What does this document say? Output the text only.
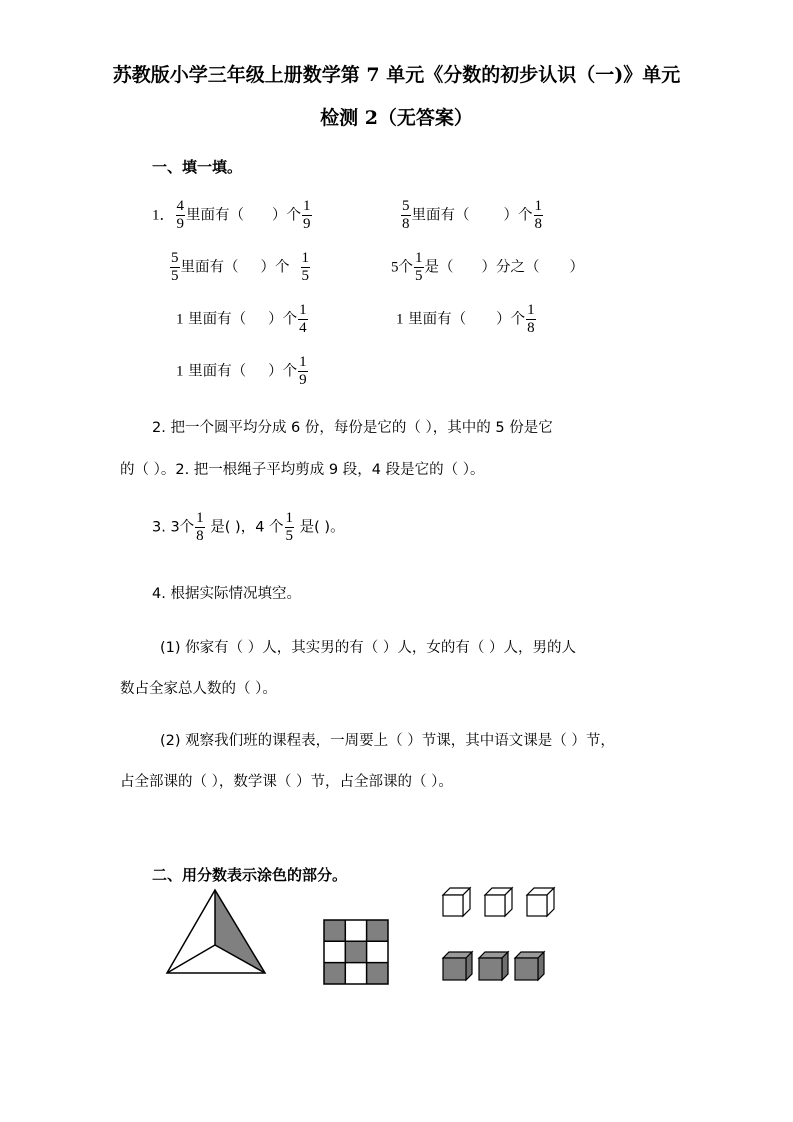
苏教版小学三年级上册数学第 7 单元《分数的初步认识（一)》单元
检测 2（无答案）
一、填一填。
1． $\frac{4}{9}$ 里面有（ ）个 $\frac{1}{9}$	$\frac{5}{8}$ 里面有（ ）个 $\frac{1}{8}$
$\frac{5}{5}$ 里面有（ ）个 $\frac{1}{5}$	5个 $\frac{1}{5}$ 是（ ）分之（ ）
1 里面有（ ）个 $\frac{1}{4}$	1 里面有（ ）个 $\frac{1}{8}$
1 里面有（ ）个 $\frac{1}{9}$
2. 把一个圆平均分成 6 份，每份是它的（ ），其中的 5 份是它
的（ ）。2. 把一根绳子平均剪成 9 段，4 段是它的（ ）。
3. 3个 $\frac{1}{8}$ 是( )，4 个 $\frac{1}{5}$ 是( )。
4. 根据实际情况填空。
(1) 你家有（ ）人，其实男的有（ ）人，女的有（ ）人，男的人
数占全家总人数的（ ）。
(2) 观察我们班的课程表，一周要上（ ）节课，其中语文课是（ ）节，
占全部课的（ ），数学课（ ）节，占全部课的（ ）。
二、用分数表示涂色的部分。
